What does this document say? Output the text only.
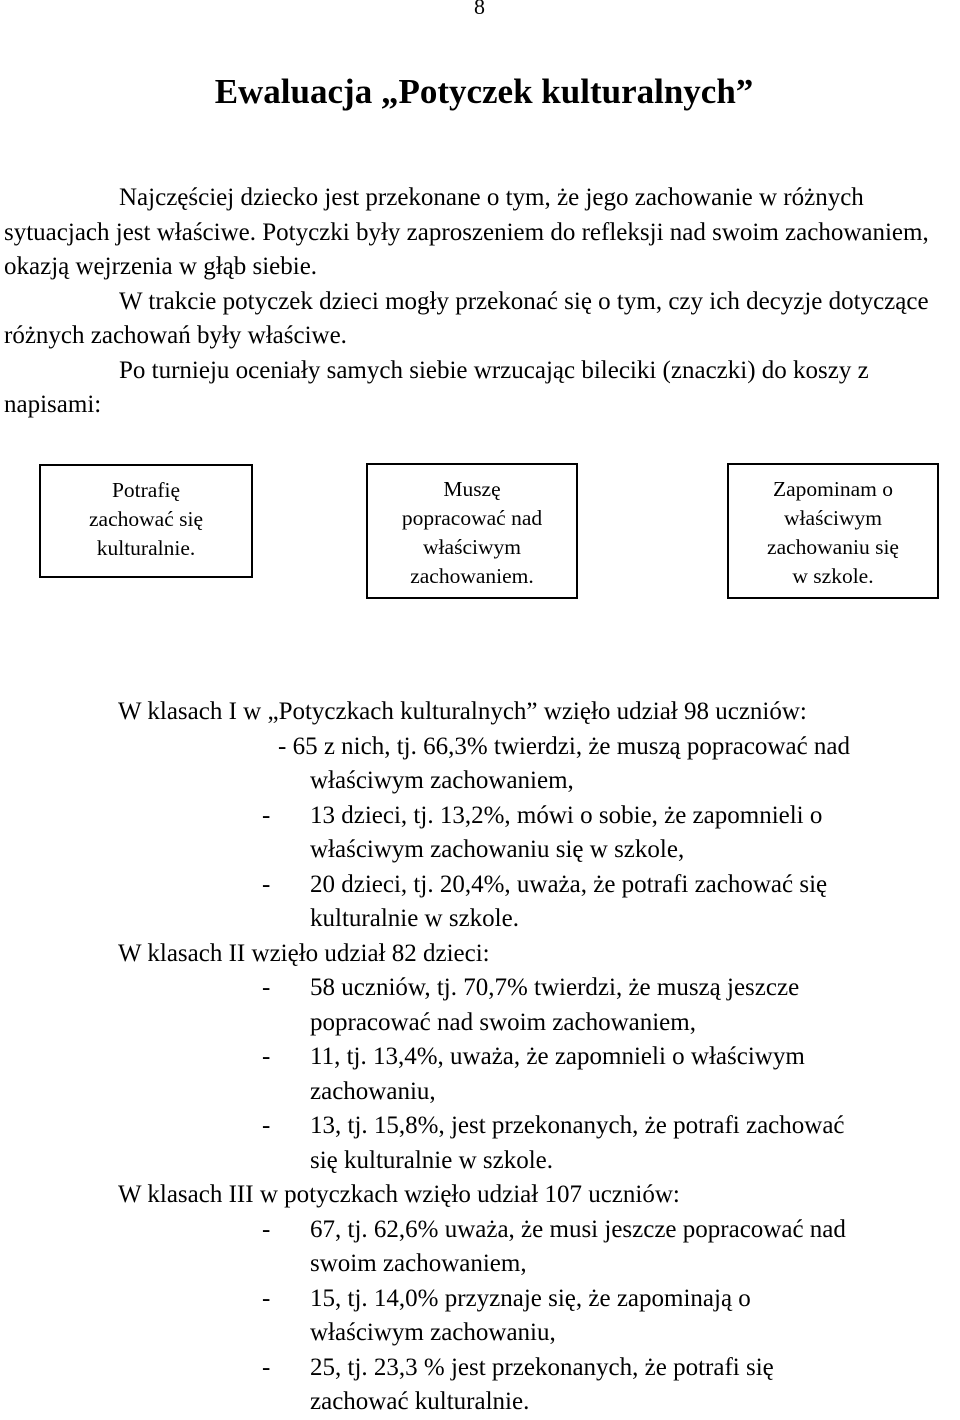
8
Ewaluacja „Potyczek kulturalnych”

Najczęściej dziecko jest przekonane o tym, że jego zachowanie w różnych sytuacjach jest właściwe. Potyczki były zaproszeniem do refleksji nad swoim zachowaniem, okazją wejrzenia w głąb siebie.

W trakcie potyczek dzieci mogły przekonać się o tym, czy ich decyzje dotyczące różnych zachowań były właściwe.

Po turnieju oceniały samych siebie wrzucając bileciki (znaczki) do koszy z napisami:

Potrafię
zachować się
kulturalnie.
Muszę
popracować nad
właściwym
zachowaniem.
Zapominam o
właściwym
zachowaniu się
w szkole.

W klasach I w „Potyczkach kulturalnych” wzięło udział 98 uczniów:

- 65 z nich, tj. 66,3% twierdzi, że muszą popracować nad
właściwym zachowaniem,
- 13 dzieci, tj. 13,2%, mówi o sobie, że zapomnieli o
właściwym zachowaniu się w szkole,
- 20 dzieci, tj. 20,4%, uważa, że potrafi zachować się
kulturalnie w szkole.

W klasach II wzięło udział 82 dzieci:

- 58 uczniów, tj. 70,7% twierdzi, że muszą jeszcze
popracować nad swoim zachowaniem,
- 11, tj. 13,4%, uważa, że zapomnieli o właściwym
zachowaniu,
- 13, tj. 15,8%, jest przekonanych, że potrafi zachować
się kulturalnie w szkole.

W klasach III w potyczkach wzięło udział 107 uczniów:

- 67, tj. 62,6% uważa, że musi jeszcze popracować nad
swoim zachowaniem,
- 15, tj. 14,0% przyznaje się, że zapominają o
właściwym zachowaniu,
- 25, tj. 23,3 % jest przekonanych, że potrafi się
zachować kulturalnie.
